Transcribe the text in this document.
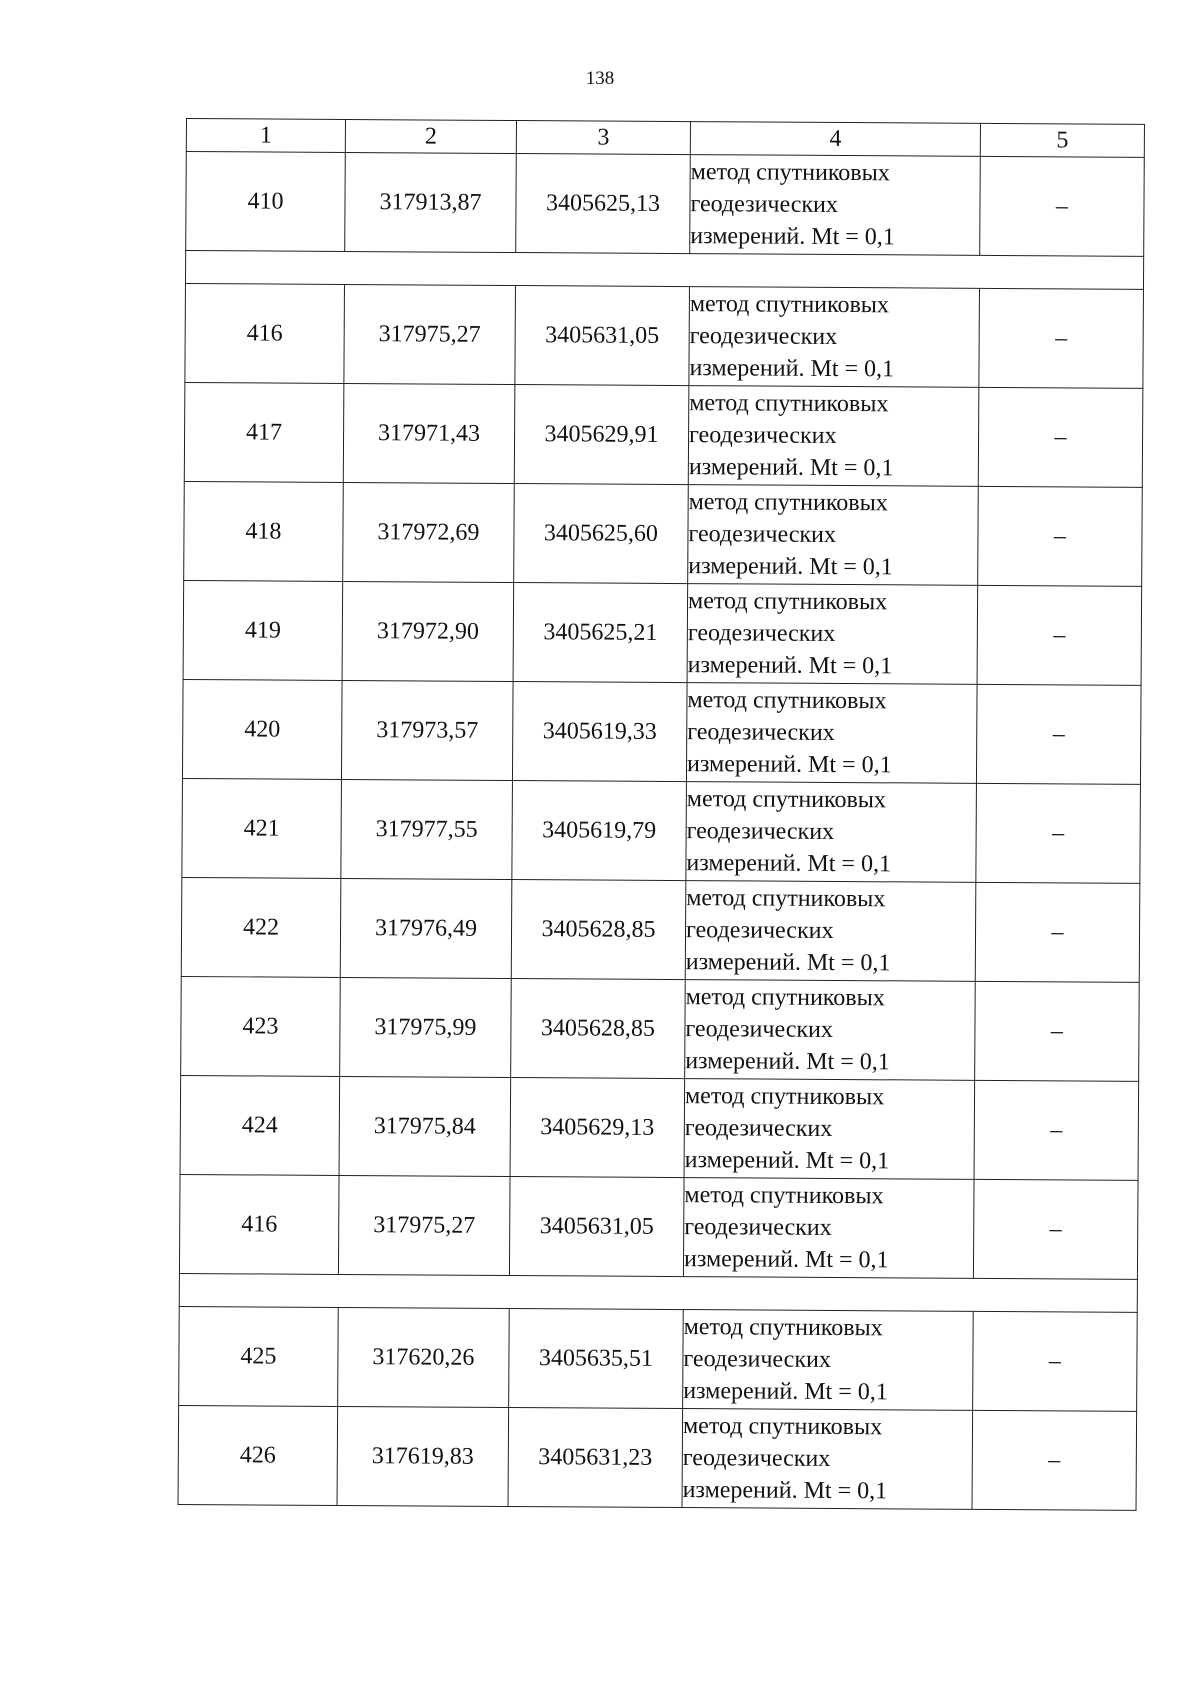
138
1	2	3	4	5
410	317913,87	3405625,13	метод спутниковых
геодезических
измерений. Mt = 0,1	–

416	317975,27	3405631,05	метод спутниковых
геодезических
измерений. Mt = 0,1	–
417	317971,43	3405629,91	метод спутниковых
геодезических
измерений. Mt = 0,1	–
418	317972,69	3405625,60	метод спутниковых
геодезических
измерений. Mt = 0,1	–
419	317972,90	3405625,21	метод спутниковых
геодезических
измерений. Mt = 0,1	–
420	317973,57	3405619,33	метод спутниковых
геодезических
измерений. Mt = 0,1	–
421	317977,55	3405619,79	метод спутниковых
геодезических
измерений. Mt = 0,1	–
422	317976,49	3405628,85	метод спутниковых
геодезических
измерений. Mt = 0,1	–
423	317975,99	3405628,85	метод спутниковых
геодезических
измерений. Mt = 0,1	–
424	317975,84	3405629,13	метод спутниковых
геодезических
измерений. Mt = 0,1	–
416	317975,27	3405631,05	метод спутниковых
геодезических
измерений. Mt = 0,1	–

425	317620,26	3405635,51	метод спутниковых
геодезических
измерений. Mt = 0,1	–
426	317619,83	3405631,23	метод спутниковых
геодезических
измерений. Mt = 0,1	–
